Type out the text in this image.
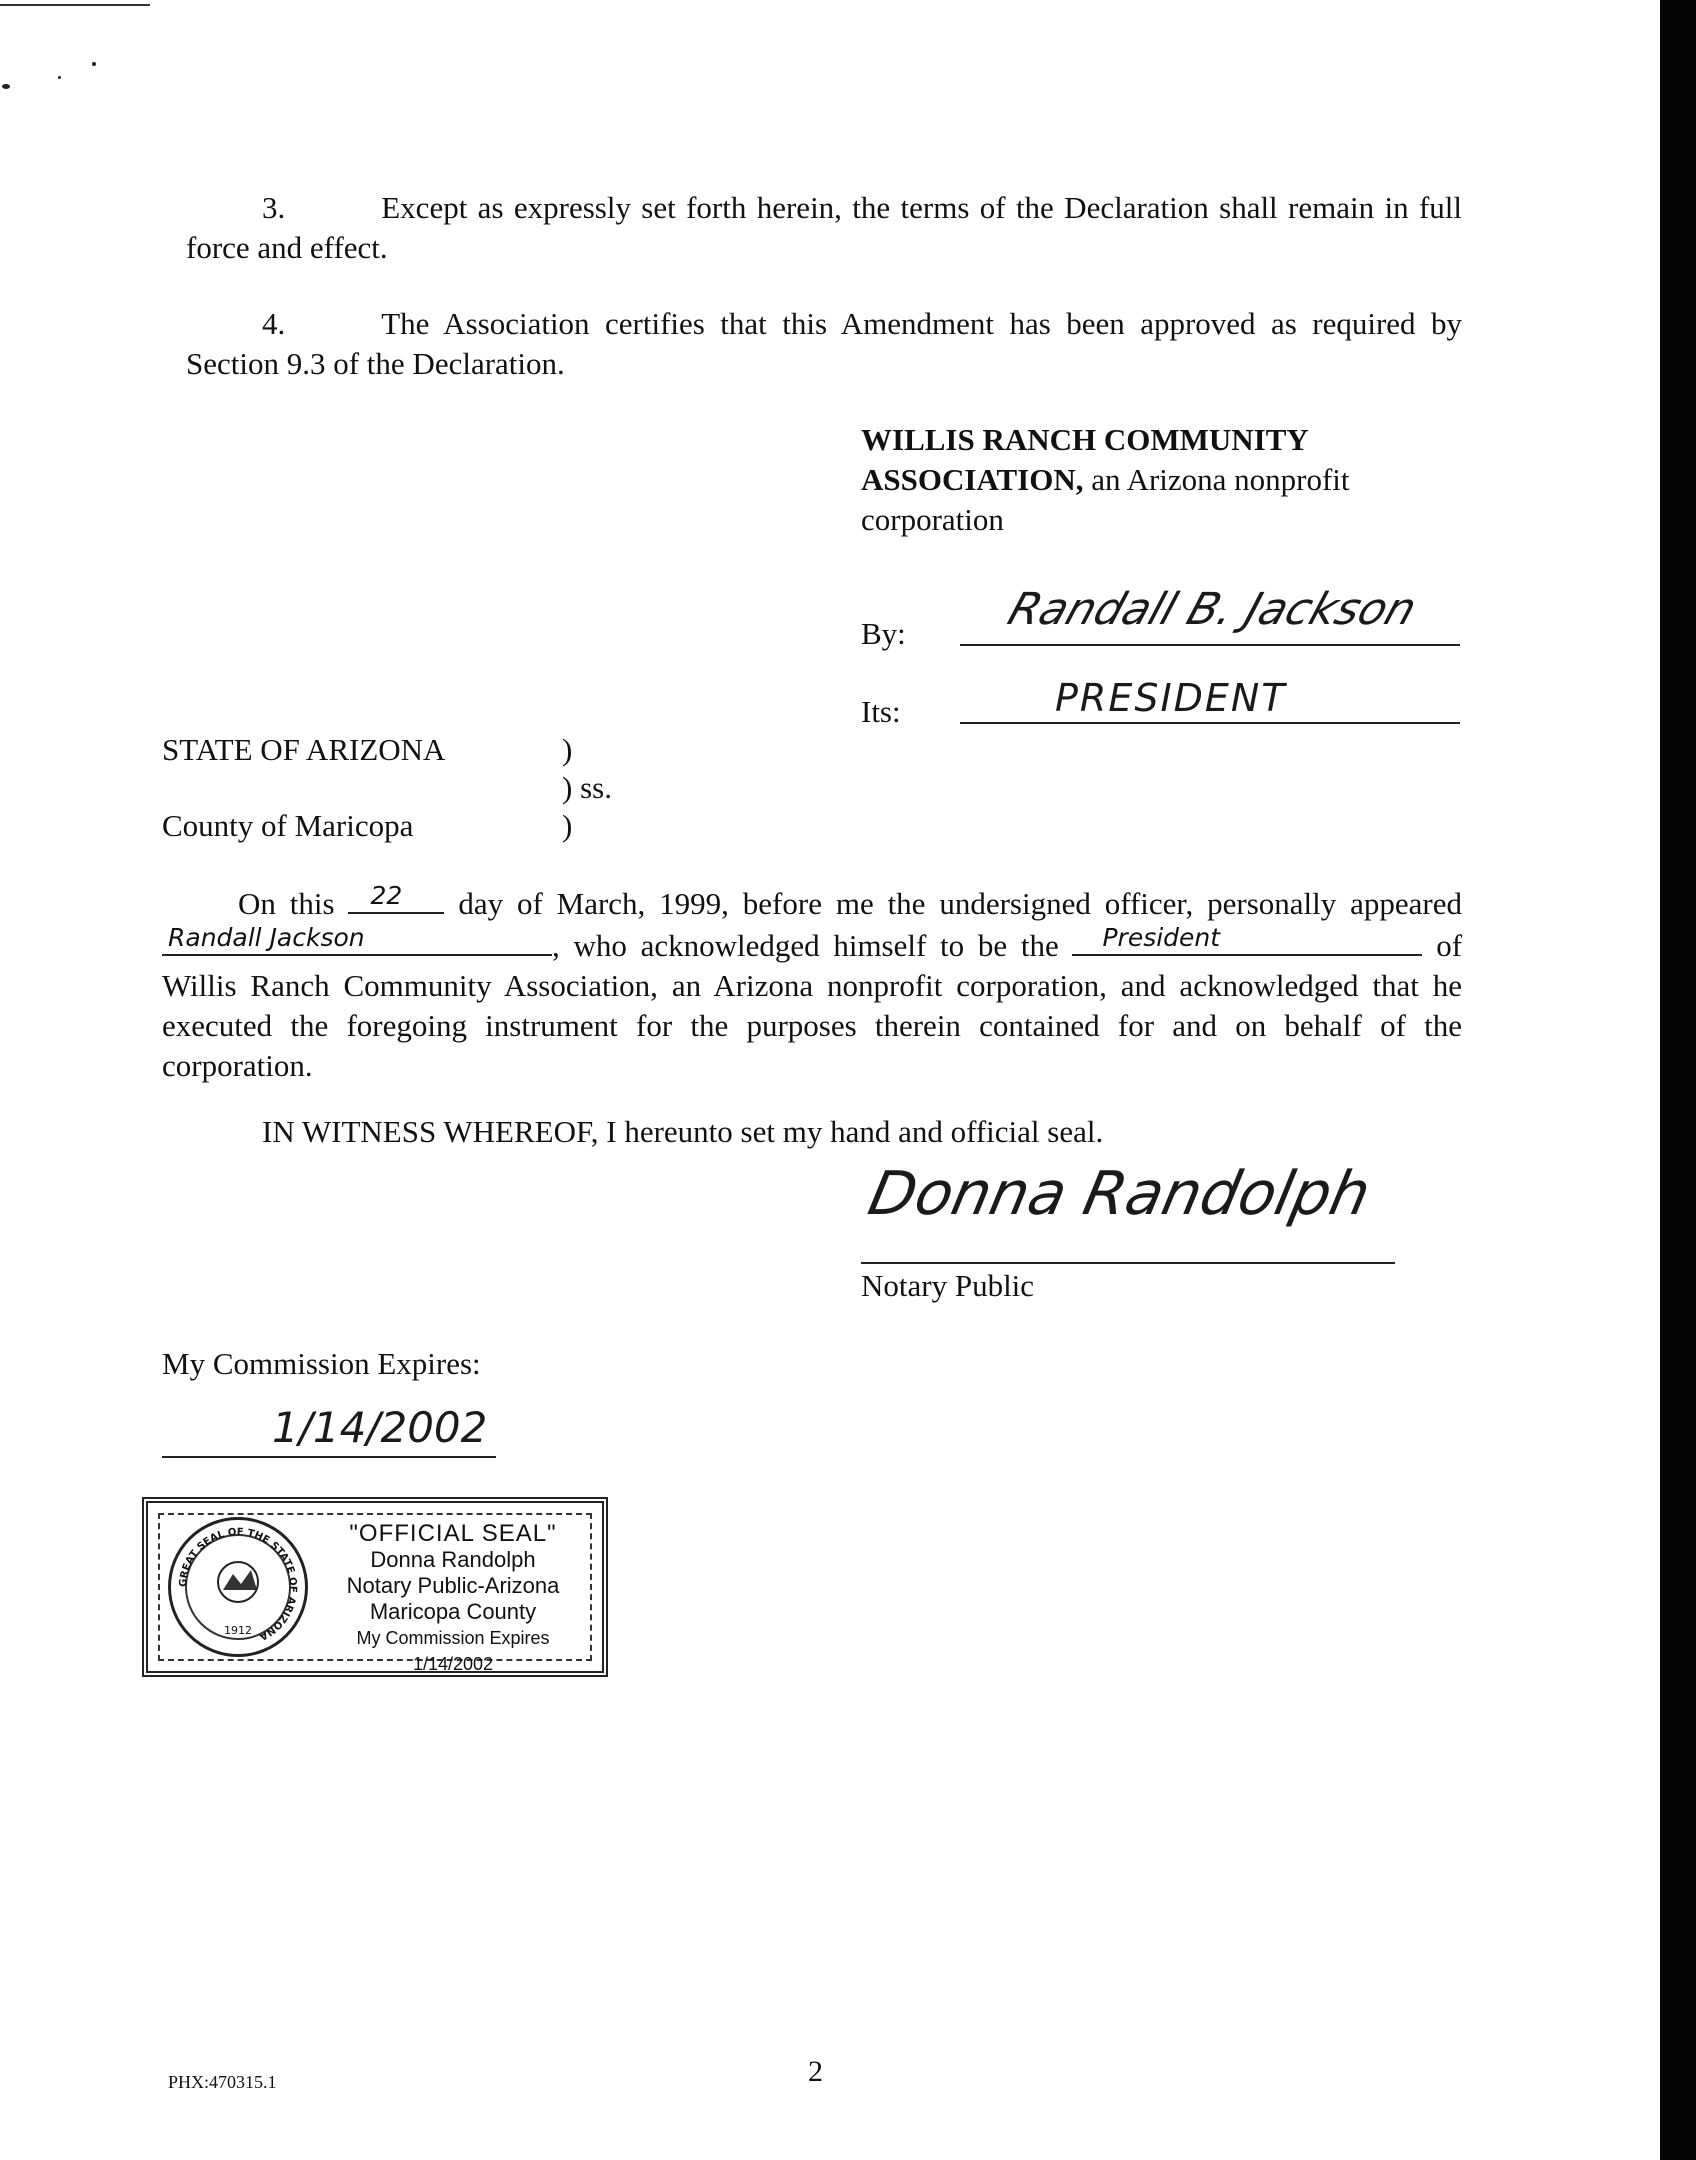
3.	Except as expressly set forth herein, the terms of the Declaration shall remain in full force and effect.
4.	The Association certifies that this Amendment has been approved as required by Section 9.3 of the Declaration.
WILLIS RANCH COMMUNITY ASSOCIATION, an Arizona nonprofit corporation
By: Randall B. Jackson
Its:	PRESIDENT
STATE OF ARIZONA	)
) ss.
County of Maricopa	)
On this 22 day of March, 1999, before me the undersigned officer, personally appeared
Randall Jackson	, who acknowledged himself to be the President	of Willis Ranch Community Association, an Arizona nonprofit corporation, and acknowledged that he executed the foregoing instrument for the purposes therein contained for and on behalf of the corporation.
IN WITNESS WHEREOF, I hereunto set my hand and official seal.
Donna Randolph
Notary Public
My Commission Expires:
1/14/2002
GREAT SEAL OF THE STATE OF ARIZONA
1912
"OFFICIAL SEAL"
Donna Randolph
Notary Public-Arizona
Maricopa County
My Commission Expires 1/14/2002
PHX:470315.1	2
